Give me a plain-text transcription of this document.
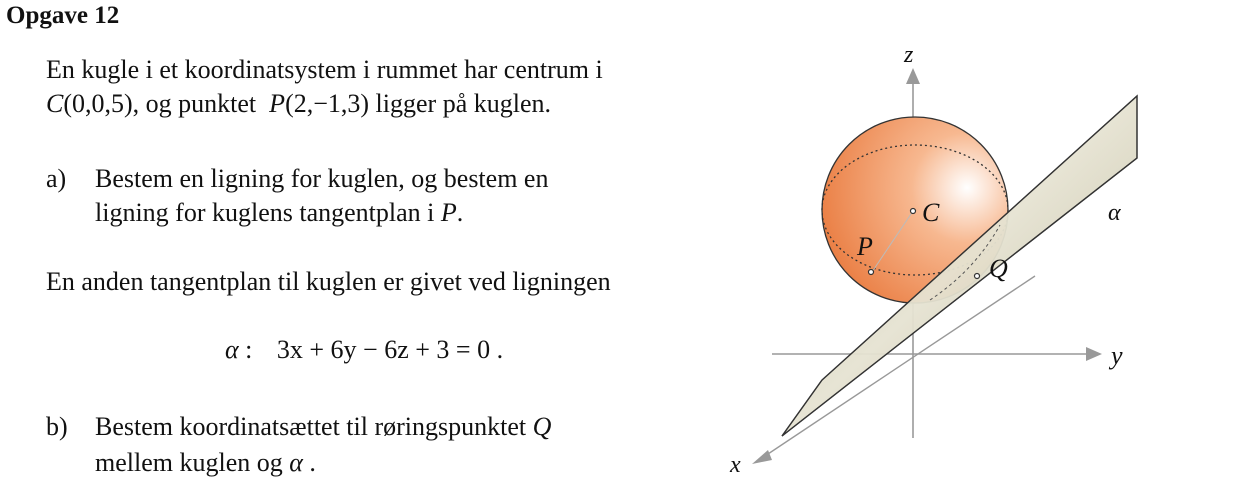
Opgave 12
En kugle i et koordinatsystem i rummet har centrum i
C(0,0,5), og punktet P(2,−1,3) ligger på kuglen.
a) Bestem en ligning for kuglen, og bestem en
ligning for kuglens tangentplan i P.
En anden tangentplan til kuglen er givet ved ligningen
α : 3x + 6y − 6z + 3 = 0 .
b) Bestem koordinatsættet til røringspunktet Q
mellem kuglen og α .
z
y
x
C
P
Q
α
